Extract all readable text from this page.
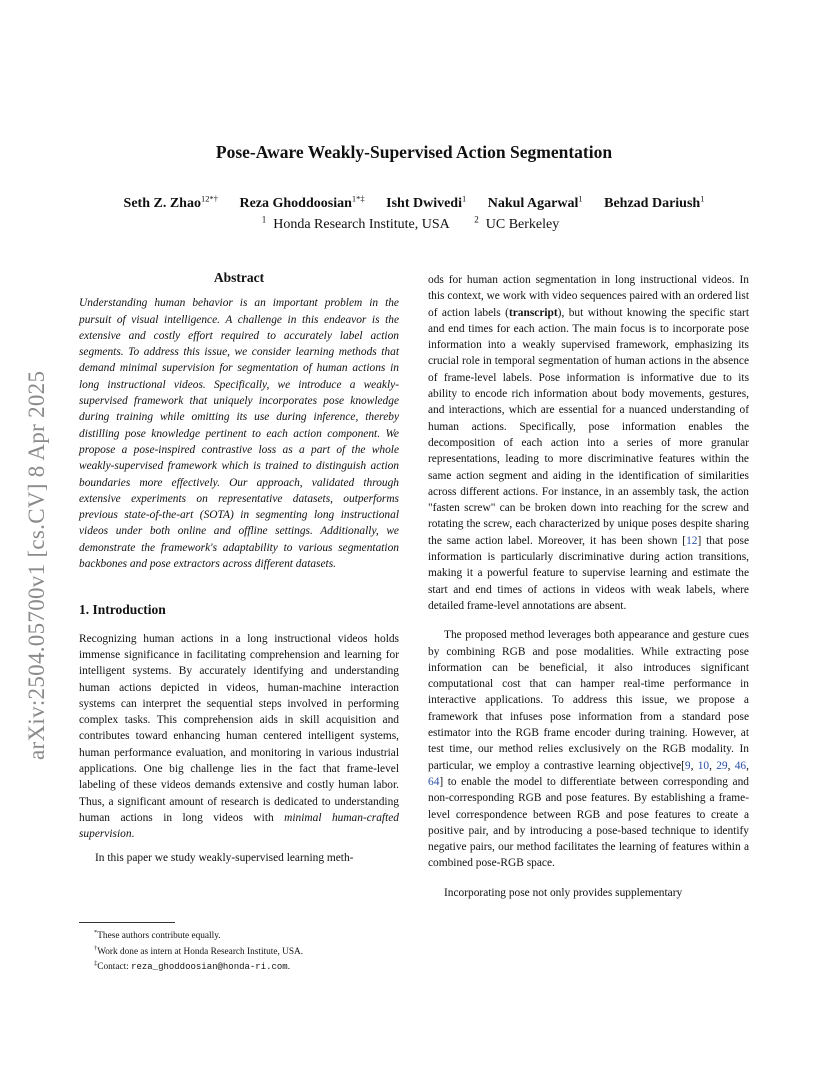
arXiv:2504.05700v1 [cs.CV] 8 Apr 2025
Pose-Aware Weakly-Supervised Action Segmentation
Seth Z. Zhao$^{12*\dagger}$ Reza Ghoddoosian$^{1*\ddagger}$ Isht Dwivedi$^1$ Nakul Agarwal$^1$ Behzad Dariush$^1$
$^1$ Honda Research Institute, USA	$^2$ UC Berkeley
Abstract

Understanding human behavior is an important problem in the pursuit of visual intelligence. A challenge in this endeavor is the extensive and costly effort required to accurately label action segments. To address this issue, we consider learning methods that demand minimal supervision for segmentation of human actions in long instructional videos. Specifically, we introduce a weakly-supervised framework that uniquely incorporates pose knowledge during training while omitting its use during inference, thereby distilling pose knowledge pertinent to each action component. We propose a pose-inspired contrastive loss as a part of the whole weakly-supervised framework which is trained to distinguish action boundaries more effectively. Our approach, validated through extensive experiments on representative datasets, outperforms previous state-of-the-art (SOTA) in segmenting long instructional videos under both online and offline settings. Additionally, we demonstrate the framework's adaptability to various segmentation backbones and pose extractors across different datasets.

1. Introduction

Recognizing human actions in a long instructional videos holds immense significance in facilitating comprehension and learning for intelligent systems. By accurately identifying and understanding human actions depicted in videos, human-machine interaction systems can interpret the sequential steps involved in performing complex tasks. This comprehension aids in skill acquisition and contributes toward enhancing human centered intelligent systems, human performance evaluation, and monitoring in various industrial applications. One big challenge lies in the fact that frame-level labeling of these videos demands extensive and costly human labor. Thus, a significant amount of research is dedicated to understanding human actions in long videos with minimal human-crafted supervision.

In this paper we study weakly-supervised learning meth-

ods for human action segmentation in long instructional videos. In this context, we work with video sequences paired with an ordered list of action labels (transcript), but without knowing the specific start and end times for each action. The main focus is to incorporate pose information into a weakly supervised framework, emphasizing its crucial role in temporal segmentation of human actions in the absence of frame-level labels. Pose information is informative due to its ability to encode rich information about body movements, gestures, and interactions, which are essential for a nuanced understanding of human actions. Specifically, pose information enables the decomposition of each action into a series of more granular representations, leading to more discriminative features within the same action segment and aiding in the identification of similarities across different actions. For instance, in an assembly task, the action "fasten screw" can be broken down into reaching for the screw and rotating the screw, each characterized by unique poses despite sharing the same action label. Moreover, it has been shown [12] that pose information is particularly discriminative during action transitions, making it a powerful feature to supervise learning and estimate the start and end times of actions in videos with weak labels, where detailed frame-level annotations are absent.

The proposed method leverages both appearance and gesture cues by combining RGB and pose modalities. While extracting pose information can be beneficial, it also introduces significant computational cost that can hamper real-time performance in interactive applications. To address this issue, we propose a framework that infuses pose information from a standard pose estimator into the RGB frame encoder during training. However, at test time, our method relies exclusively on the RGB modality. In particular, we employ a contrastive learning objective[9, 10, 29, 46, 64] to enable the model to differentiate between corresponding and non-corresponding RGB and pose features. By establishing a frame-level correspondence between RGB and pose features to create a positive pair, and by introducing a pose-based technique to identify negative pairs, our method facilitates the learning of features within a combined pose-RGB space.

Incorporating pose not only provides supplementary

*These authors contribute equally.
†Work done as intern at Honda Research Institute, USA.
‡Contact: reza_ghoddoosian@honda-ri.com.
